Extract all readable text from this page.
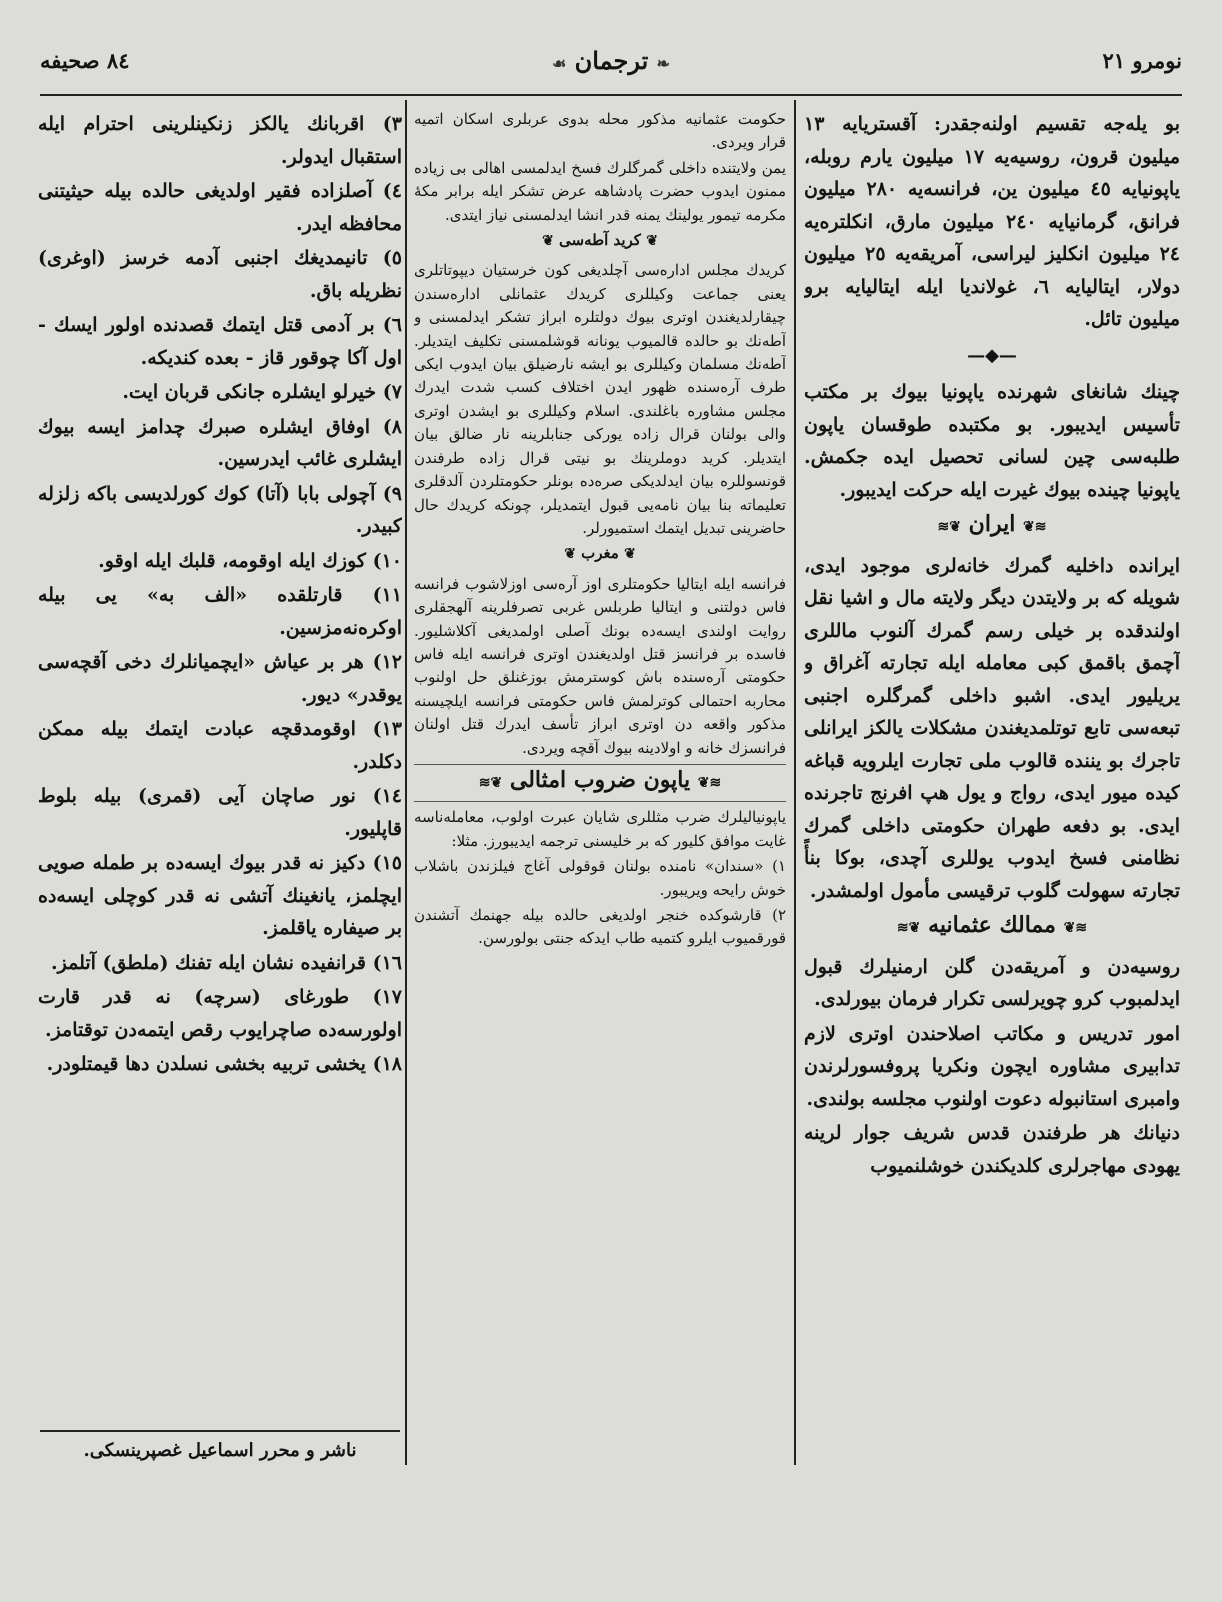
نومرو ٢١
❧ ترجمان ☙
٨٤ صحيفه

بو يله‌جه تقسيم اولنه‌جقدر: آقستر‌يايه ١٣ ميليون قرون، روسيه‌يه ١٧ ميليون يارم روبله، ياپونيايه ٤٥ ميليون ين، فرانسه‌يه ٢٨٠ ميليون فرانق، گرمانيايه ٢٤٠ ميليون مارق، انكلتره‌يه ٢٤ ميليون انكليز ليراسى، آمريقه‌يه ٢٥ ميليون دولار، ايتاليايه ٦، غولانديا ايله ايتاليايه برو ميليون تائل.

—◆—

چينك شانغاى شهرنده ياپونيا بيوك بر مكتب تأسيس ايديبور. بو مكتبده طوقسان ياپون طلبه‌سى چين لسانى تحصيل ايده جكمش. ياپونيا چينده بيوك غيرت ايله حركت ايديبور.

≋❦ ايران ❦≋

ايرانده داخليه گمرك خانه‌لرى موجود ايدى، شويله كه بر ولايتدن ديگر ولايته مال و اشيا نقل اولندقده بر خيلى رسم گمرك آلنوب ماللرى آچمق باقمق كبى معامله ايله تجارته آغراق و يريليور ايدى. اشبو داخلى گمرگلره اجنبى تبعه‌سى تابع توتلمديغندن مشكلات يالكز ايرانلى تاجرك بو يننده قالوب ملى تجارت ايلرويه قباغه كيده ميور ايدى، رواج و يول هپ افرنج تاجرنده ايدى. بو دفعه طهران حكومتى داخلى گمرك نظامنى فسخ ايدوب يوللرى آچدى، بوكا بنأً تجارته سهولت گلوب ترقيسى مأمول اولمشدر.

≋❦ ممالك عثمانيه ❦≋

روسيه‌دن و آمريقه‌دن گلن ارمنيلرك قبول ايدلمبوب كرو چويرلسى تكرار فرمان بيورلدى.

امور تدريس و مكاتب اصلاحندن اوترى لازم تدابيرى مشاوره ايچون ونكريا پروفسورلرندن وامبرى استانبوله دعوت اولنوب مجلسه بولندى.

دنيانك هر طرفندن قدس شريف جوار لرينه يهودى مهاجرلرى كلديكندن خوشلنميوب

حكومت عثمانيه مذكور محله بدوى عربلرى اسكان اتميه قرار ويردى.

يمن ولايتنده داخلى گمرگلرك فسخ ايدلمسى اهالى بى زياده ممنون ايدوب حضرت پادشاهه عرض تشكر ايله برابر مكهٔ مكرمه تيمور يولينك يمنه قدر انشا ايدلمسنى نياز ايتدى.

❦ كريد آطه‌سى ❦

كريدك مجلس اداره‌سى آچلديغى كون خرستيان ديپوتاتلرى يعنى جماعت وكيللرى كريدك عثمانلى اداره‌سندن چيقارلديغندن اوترى بيوك دولتلره ابراز تشكر ايدلمسنى و آطه‌نك بو حالده قالميوب يونانه قوشلمسنى تكليف ايتديلر. آطه‌نك مسلمان وكيللرى بو ايشه نارضيلق بيان ايدوب ايكى طرف آره‌سنده ظهور ايدن اختلاف كسب شدت ايدرك مجلس مشاوره باغلندى. اسلام وكيللرى بو ايشدن اوترى والى بولنان قرال زاده يوركى جنابلرينه نار ضالق بيان ايتديلر. كريد دوملرينك بو نيتى قرال زاده طرفندن قونسوللره بيان ايدلديكى صره‌ده بونلر حكومتلردن آلدقلرى تعليماته بنا بيان نامه‌يى قبول ايتمديلر، چونكه كريدك حال حاضرينى تبديل ايتمك استميورلر.

❦ مغرب ❦

فرانسه ايله ايتاليا حكومتلرى اوز آره‌سى اوزلاشوب فرانسه فاس دولتنى و ايتاليا طربلس غربى تصرفلرينه آلهجقلرى روايت اولندى ايسه‌ده بونك آصلى اولمديغى آكلاشليور. فاسده بر فرانسز قتل اولديغندن اوترى فرانسه ايله فاس حكومتى آره‌سنده باش كوسترمش بوزغنلق حل اولنوب محاربه احتمالى كوترلمش فاس حكومتى فرانسه ايلچيسنه مذكور واقعه دن اوترى ابراز تأسف ايدرك قتل اولنان فرانسزك خانه و اولادينه بيوك آقچه ويردى.

≋❦ ياپون ضروب امثالى ❦≋

ياپونياليلرك ضرب مثللرى شايان عبرت اولوب، معامله‌ناسه غايت موافق كليور كه بر خليسنى ترجمه ايديبورز. مثلا:

١) «سندان» نامنده بولنان قوقولى آغاج فيلزندن باشلاب خوش رايحه ويريبور.

٢) قارشوكده خنجر اولديغى حالده بيله جهنمك آتشندن قورقميوب ايلرو كتميه طاب ايدكه جنتى بولورسن.

٣) اقربانك يالكز زنكينلرينى احترام ايله استقبال ايدولر.

٤) آصلزاده فقير اولديغى حالده بيله حيثيتنى محافظه ايدر.

٥) تانيمديغك اجنبى آدمه خرسز (اوغرى) نظريله باق.

٦) بر آدمى قتل ايتمك قصدنده اولور ايسك - اول آكا چوقور قاز - بعده كنديكه.

٧) خيرلو ايشلره جانكى قربان ايت.

٨) اوفاق ايشلره صبرك چدامز ايسه بيوك ايشلرى غائب ايدرسين.

٩) آچولى بابا (آتا) كوك كورلديسى باكه زلزله كبيدر.

١٠) كوزك ايله اوقومه، قلبك ايله اوقو.

١١) قارتلقده «الف به» يى بيله اوكره‌نه‌مزسين.

١٢) هر بر عياش «ايچميانلرك دخى آقچه‌سى يوقدر» ديور.

١٣) اوقومدقچه عبادت ايتمك بيله ممكن دكلدر.

١٤) نور صاچان آيى (قمرى) بيله بلوط قاپليور.

١٥) دكيز نه قدر بيوك ايسه‌ده بر طمله صويى ايچلمز، يانغينك آتشى نه قدر كوچلى ايسه‌ده بر صيفاره ياقلمز.

١٦) قرانفيده نشان ايله تفنك (ملطق) آتلمز.

١٧) طورغاى (سرچه) نه قدر قارت اولورسه‌ده صاچرايوب رقص ايتمه‌دن توقتامز.

١٨) يخشى تربيه بخشى نسلدن دها قيمتلودر.

ناشر و محرر اسماعيل غصپرينسكى.
